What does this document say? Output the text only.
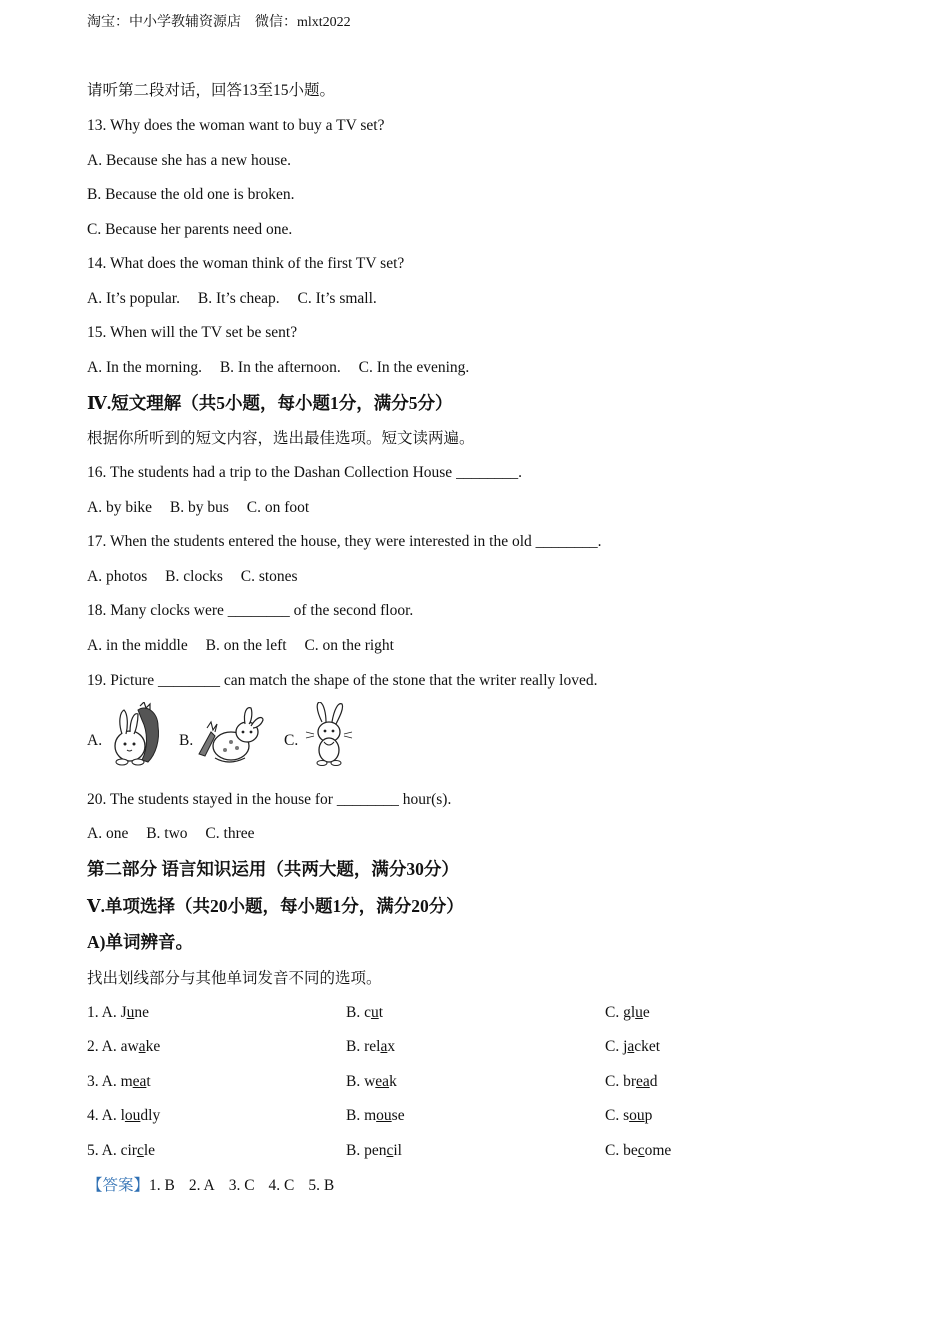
淘宝：中小学教辅资源店　微信：mlxt2022
请听第二段对话，回答13至15小题。
13. Why does the woman want to buy a TV set?
A. Because she has a new house.
B. Because the old one is broken.
C. Because her parents need one.
14. What does the woman think of the first TV set?
A. It’s popular. B. It’s cheap. C. It’s small.
15. When will the TV set be sent?
A. In the morning. B. In the afternoon. C. In the evening.
Ⅳ.短文理解（共5小题，每小题1分，满分5分）
根据你所听到的短文内容，选出最佳选项。短文读两遍。
16. The students had a trip to the Dashan Collection House ________.
A. by bike B. by bus C. on foot
17. When the students entered the house, they were interested in the old ________.
A. photos B. clocks C. stones
18. Many clocks were ________ of the second floor.
A. in the middle B. on the left C. on the right
19. Picture ________ can match the shape of the stone that the writer really loved.
A.	B.	C.
20. The students stayed in the house for ________ hour(s).
A. one B. two C. three
第二部分 语言知识运用（共两大题，满分30分）
Ⅴ.单项选择（共20小题，每小题1分，满分20分）
A)单词辨音。
找出划线部分与其他单词发音不同的选项。
1. A. June	B. cut	C. glue
2. A. awake	B. relax	C. jacket
3. A. meat	B. weak	C. bread
4. A. loudly	B. mouse	C. soup
5. A. circle	B. pencil	C. become
【答案】1. B 2. A 3. C 4. C 5. B
